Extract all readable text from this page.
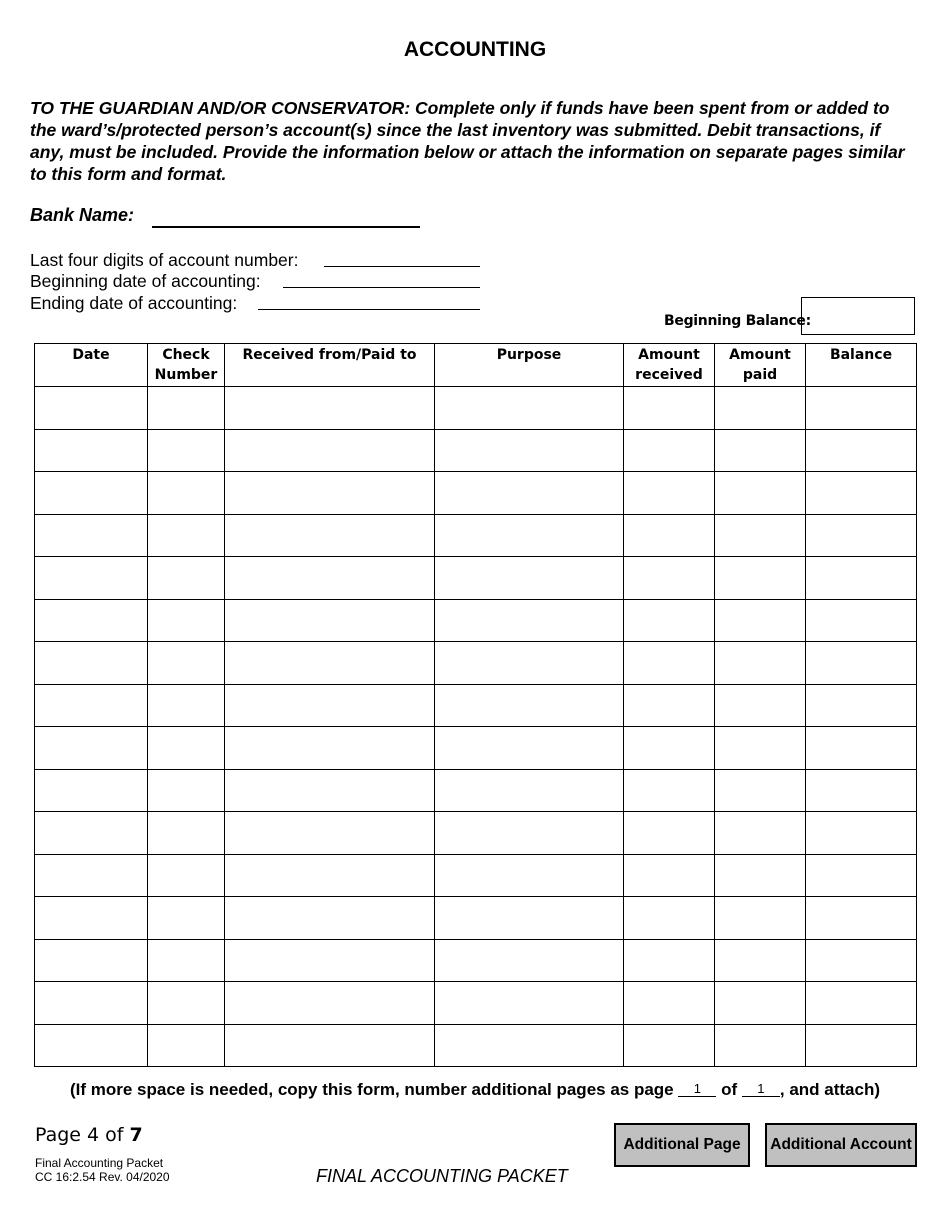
ACCOUNTING
TO THE GUARDIAN AND/OR CONSERVATOR: Complete only if funds have been spent from or added to the ward’s/protected person’s account(s) since the last inventory was submitted. Debit transactions, if any, must be included. Provide the information below or attach the information on separate pages similar to this form and format.
Bank Name:
Last four digits of account number:
Beginning date of accounting:
Ending date of accounting:
Beginning Balance:
Date	Check Number	Received from/Paid to	Purpose	Amount received	Amount paid	Balance

(If more space is needed, copy this form, number additional pages as page 1 of 1 , and attach)
Page 4 of 7
Final Accounting Packet
CC 16:2.54 Rev. 04/2020	FINAL ACCOUNTING PACKET
Additional Page	Additional Account
